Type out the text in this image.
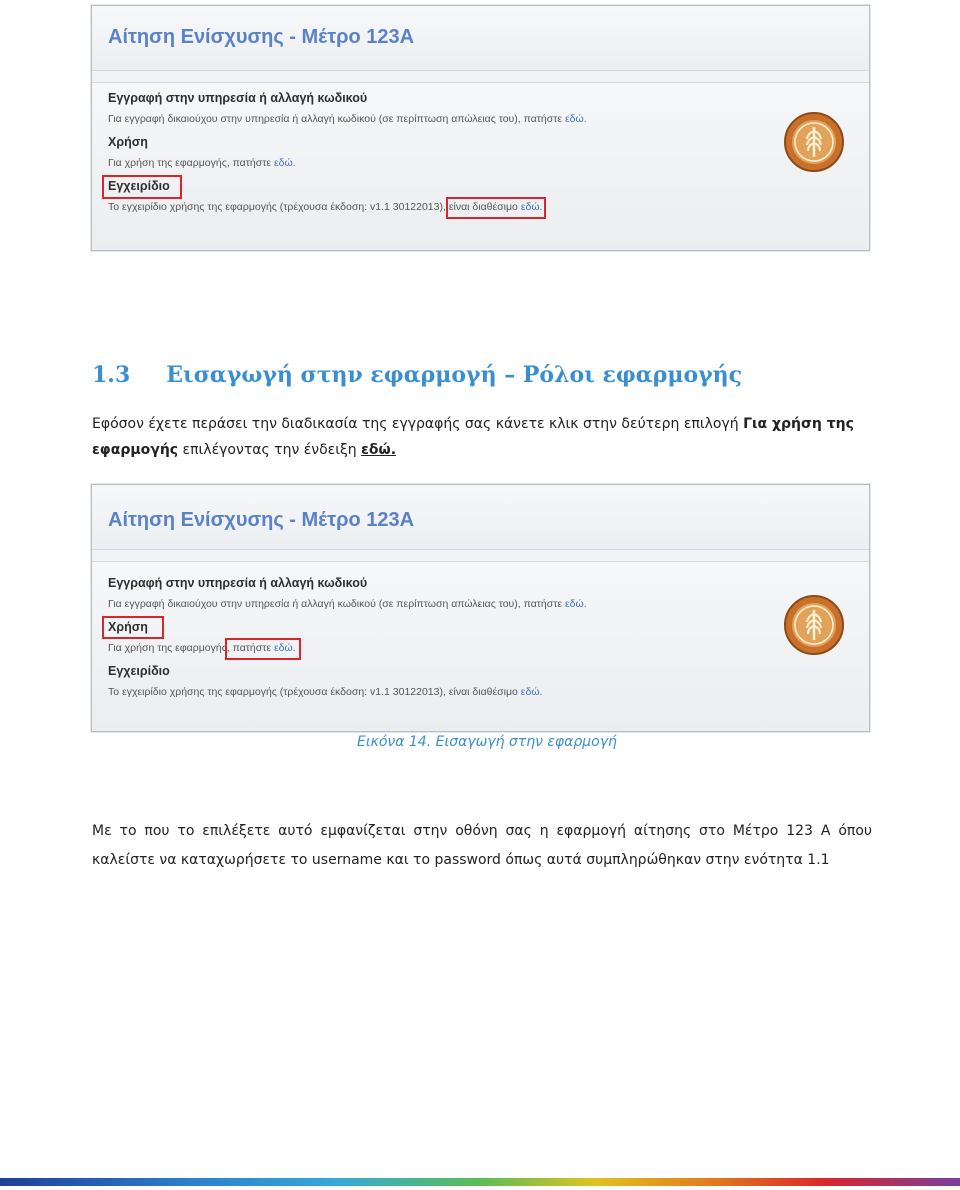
Αίτηση Ενίσχυσης - Μέτρο 123Α
Εγγραφή στην υπηρεσία ή αλλαγή κωδικού
Για εγγραφή δικαιούχου στην υπηρεσία ή αλλαγή κωδικού (σε περίπτωση απώλειας του), πατήστε εδώ.
Χρήση
Για χρήση της εφαρμογής, πατήστε εδώ.
Εγχειρίδιο
Το εγχειρίδιο χρήσης της εφαρμογής (τρέχουσα έκδοση: v1.1 30122013), είναι διαθέσιμο εδώ.
1.3 Εισαγωγή στην εφαρμογή – Ρόλοι εφαρμογής
Εφόσον έχετε περάσει την διαδικασία της εγγραφής σας κάνετε κλικ στην δεύτερη επιλογή Για χρήση της εφαρμογής επιλέγοντας την ένδειξη εδώ.
Αίτηση Ενίσχυσης - Μέτρο 123Α
Εγγραφή στην υπηρεσία ή αλλαγή κωδικού
Για εγγραφή δικαιούχου στην υπηρεσία ή αλλαγή κωδικού (σε περίπτωση απώλειας του), πατήστε εδώ.
Χρήση
Για χρήση της εφαρμογής, πατήστε εδώ.
Εγχειρίδιο
Το εγχειρίδιο χρήσης της εφαρμογής (τρέχουσα έκδοση: v1.1 30122013), είναι διαθέσιμο εδώ.
Εικόνα 14. Εισαγωγή στην εφαρμογή
Με το που το επιλέξετε αυτό εμφανίζεται στην οθόνη σας η εφαρμογή αίτησης στο Μέτρο 123 Α όπου καλείστε να καταχωρήσετε το username και το password όπως αυτά συμπληρώθηκαν στην ενότητα 1.1
